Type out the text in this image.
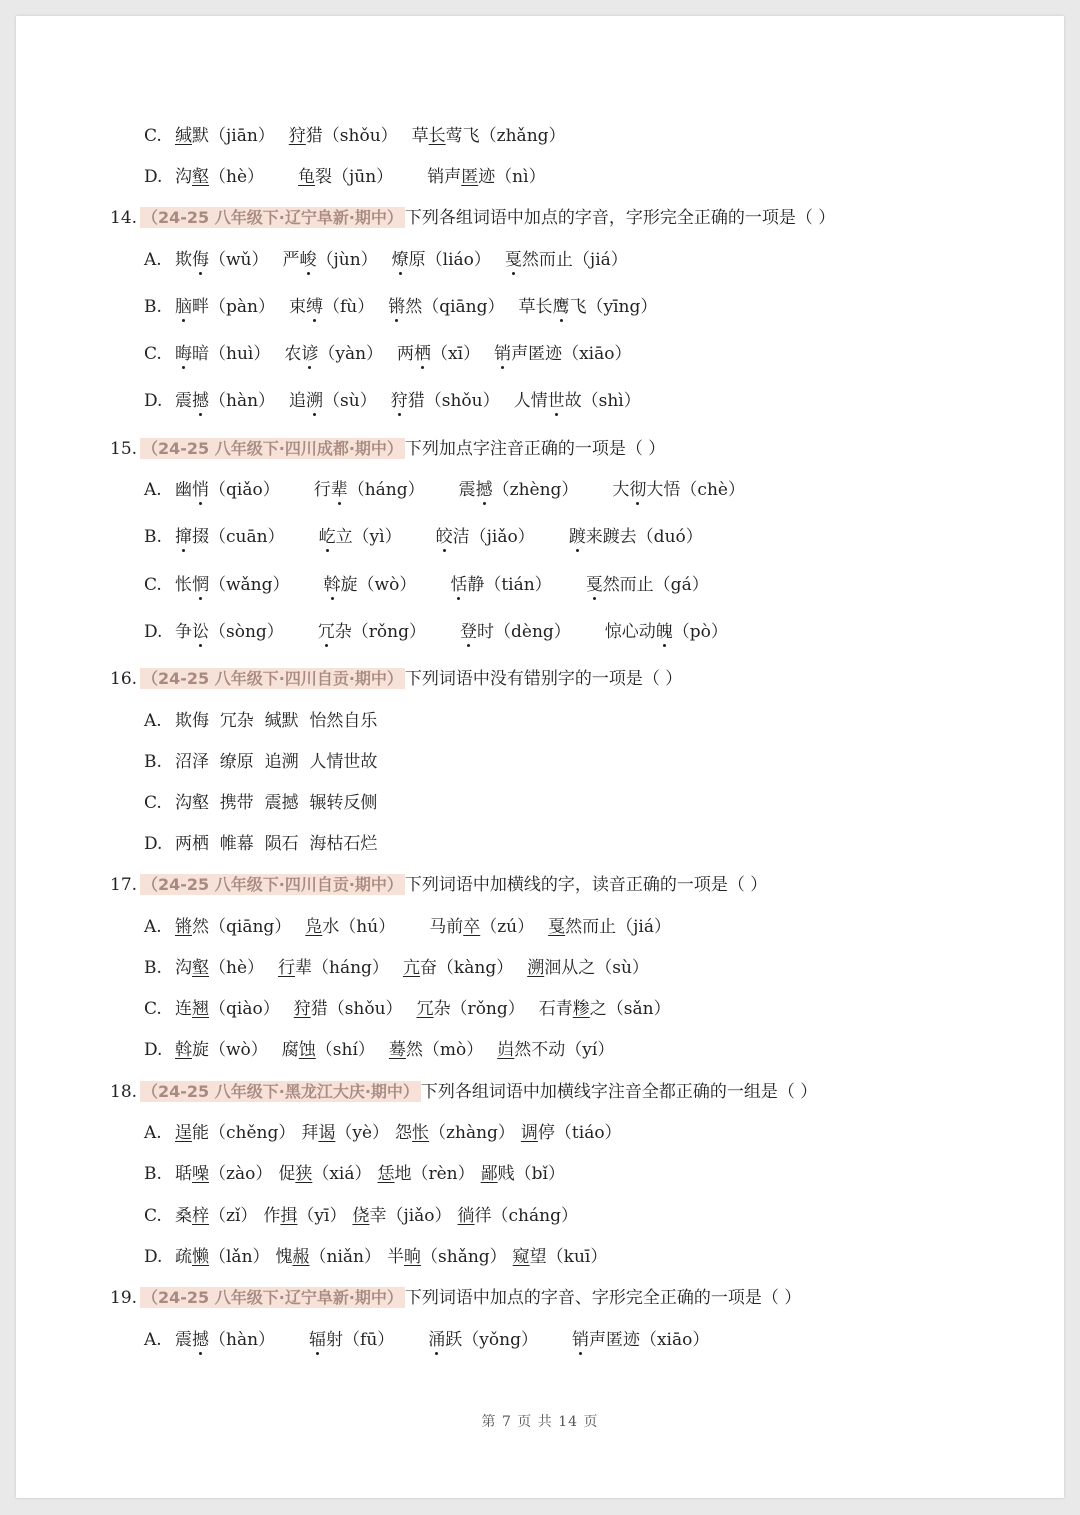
C. 缄默（jiān） 狩猎（shǒu） 草长莺飞（zhǎng）
D. 沟壑（hè） 龟裂（jūn） 销声匿迹（nì）
14. （24-25 八年级下·辽宁阜新·期中） 下列各组词语中加点的字音，字形完全正确的一项是（ ）
A. 欺侮（wǔ） 严峻（jùn） 燎原（liáo） 戛然而止（jiá）
B. 脑畔（pàn） 束缚（fù） 锵然（qiāng） 草长鹰飞（yīng）
C. 晦暗（huì） 农谚（yàn） 两栖（xī） 销声匿迹（xiāo）
D. 震撼（hàn） 追溯（sù） 狩猎（shǒu） 人情世故（shì）
15. （24-25 八年级下·四川成都·期中） 下列加点字注音正确的一项是（ ）
A. 幽悄（qiǎo） 行辈（háng） 震撼（zhèng） 大彻大悟（chè）
B. 撺掇（cuān） 屹立（yì） 皎洁（jiǎo） 踱来踱去（duó）
C. 怅惘（wǎng） 斡旋（wò） 恬静（tián） 戛然而止（gá）
D. 争讼（sòng） 冗杂（rǒng） 登时（dèng） 惊心动魄（pò）
16. （24-25 八年级下·四川自贡·期中） 下列词语中没有错别字的一项是（ ）
A. 欺侮  冗杂  缄默  怡然自乐
B. 沼泽  缭原  追溯  人情世故
C. 沟壑  携带  震撼  辗转反侧
D. 两栖  帷幕  陨石  海枯石烂
17. （24-25 八年级下·四川自贡·期中） 下列词语中加横线的字，读音正确的一项是（ ）
A. 锵然（qiāng） 凫水（hú） 马前卒（zú） 戛然而止（jiá）
B. 沟壑（hè） 行辈（háng） 亢奋（kàng） 溯洄从之（sù）
C. 连翘（qiào） 狩猎（shǒu） 冗杂（rǒng） 石青糁之（sǎn）
D. 斡旋（wò） 腐蚀（shí） 蓦然（mò） 岿然不动（yí）
18. （24-25 八年级下·黑龙江大庆·期中） 下列各组词语中加横线字注音全都正确的一组是（ ）
A. 逞能（chěng） 拜谒（yè） 怨怅（zhàng） 调停（tiáo）
B. 聒噪（zào） 促狭（xiá） 恁地（rèn） 鄙贱（bǐ）
C. 桑梓（zǐ） 作揖（yī） 侥幸（jiǎo） 徜徉（cháng）
D. 疏懒（lǎn） 愧赧（niǎn） 半晌（shǎng） 窥望（kuī）
19. （24-25 八年级下·辽宁阜新·期中） 下列词语中加点的字音、字形完全正确的一项是（ ）
A. 震撼（hàn） 辐射（fū） 涌跃（yǒng） 销声匿迹（xiāo）
第 7 页 共 14 页
